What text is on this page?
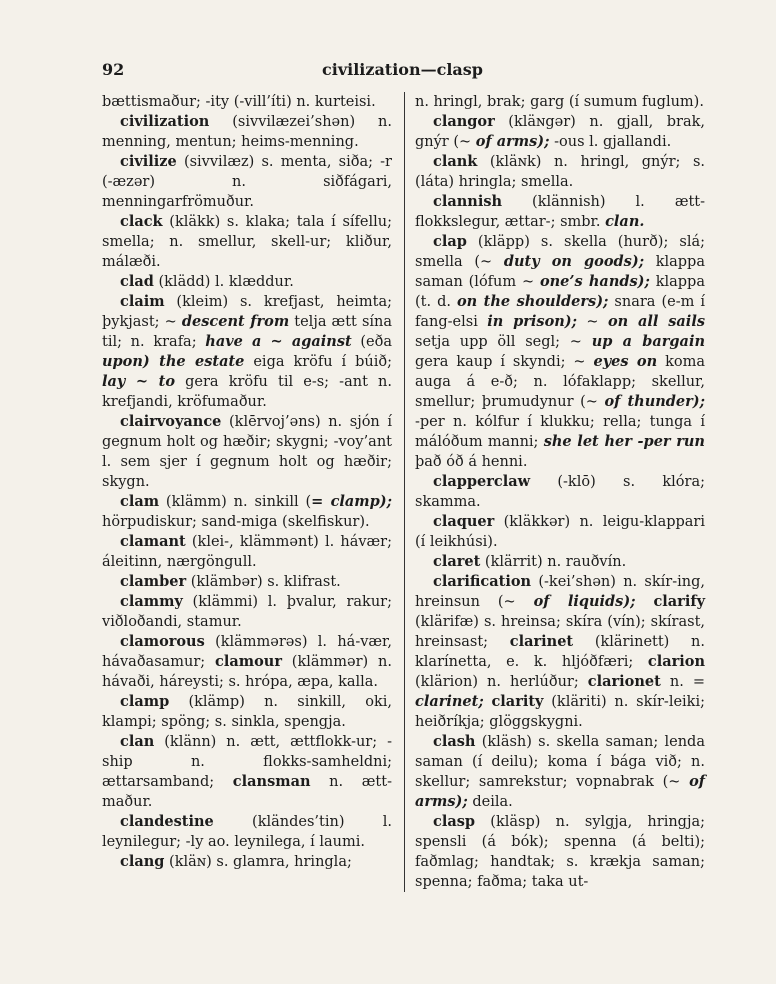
92	civilization—clasp

bættismaður; -ity (-vill’íti) n. kurteisi.

civilization (sivvilæzei’shən) n. menning, mentun; heims-menning.

civilize (sivvilæz) s. menta, siða; -r (-æzər) n. siðfágari, menningarfrömuður.

clack (kläkk) s. klaka; tala í sífellu; smella; n. smellur, skell-ur; kliður, málæði.

clad (klädd) l. klæddur.

claim (kleim) s. krefjast, heimta; þykjast; ~ descent from telja ætt sína til; n. krafa; have a ~ against (eða upon) the estate eiga kröfu í búið; lay ~ to gera kröfu til e-s; -ant n. krefjandi, kröfumaður.

clairvoyance (klērvoj’əns) n. sjón í gegnum holt og hæðir; skygni; -voy’ant l. sem sjer í gegnum holt og hæðir; skygn.

clam (klämm) n. sinkill (= clamp); hörpudiskur; sand-miga (skelfiskur).

clamant (klei-, klämmənt) l. hávær; áleitinn, nærgöngull.

clamber (klämbər) s. klifrast.

clammy (klämmi) l. þvalur, rakur; viðloðandi, stamur.

clamorous (klämmərəs) l. há-vær, hávaðasamur; clamour (klämmər) n. hávaði, háreysti; s. hrópa, æpa, kalla.

clamp (klämp) n. sinkill, oki, klampi; spöng; s. sinkla, spengja.

clan (klänn) n. ætt, ættflokk-ur; -ship n. flokks-samheldni; ættarsamband; clansman n. ætt-maður.

clandestine (kländes’tin) l. leynilegur; -ly ao. leynilega, í laumi.

clang (kläɴ) s. glamra, hringla;

n. hringl, brak; garg (í sumum fuglum).

clangor (kläɴgər) n. gjall, brak, gnýr (~ of arms); -ous l. gjallandi.

clank (kläɴk) n. hringl, gnýr; s. (láta) hringla; smella.

clannish (klännish) l. ætt-flokkslegur, ættar-; smbr. clan.

clap (kläpp) s. skella (hurð); slá; smella (~ duty on goods); klappa saman (lófum ~ one’s hands); klappa (t. d. on the shoulders); snara (e-m í fang-elsi in prison); ~ on all sails setja upp öll segl; ~ up a bargain gera kaup í skyndi; ~ eyes on koma auga á e-ð; n. lófaklapp; skellur, smellur; þrumudynur (~ of thunder); -per n. kólfur í klukku; rella; tunga í málóðum manni; she let her -per run það óð á henni.

clapperclaw (-klō) s. klóra; skamma.

claquer (kläkkər) n. leigu-klappari (í leikhúsi).

claret (klärrit) n. rauðvín.

clarification (-kei’shən) n. skír-ing, hreinsun (~ of liquids); clarify (klärifæ) s. hreinsa; skíra (vín); skírast, hreinsast; clarinet (klärinett) n. klarínetta, e. k. hljóðfæri; clarion (klärion) n. herlúður; clarionet n. = clarinet; clarity (kläriti) n. skír-leiki; heiðríkja; glöggskygni.

clash (kläsh) s. skella saman; lenda saman (í deilu); koma í bága við; n. skellur; samrekstur; vopnabrak (~ of arms); deila.

clasp (kläsp) n. sylgja, hringja; spensli (á bók); spenna (á belti); faðmlag; handtak; s. krækja saman; spenna; faðma; taka ut-
